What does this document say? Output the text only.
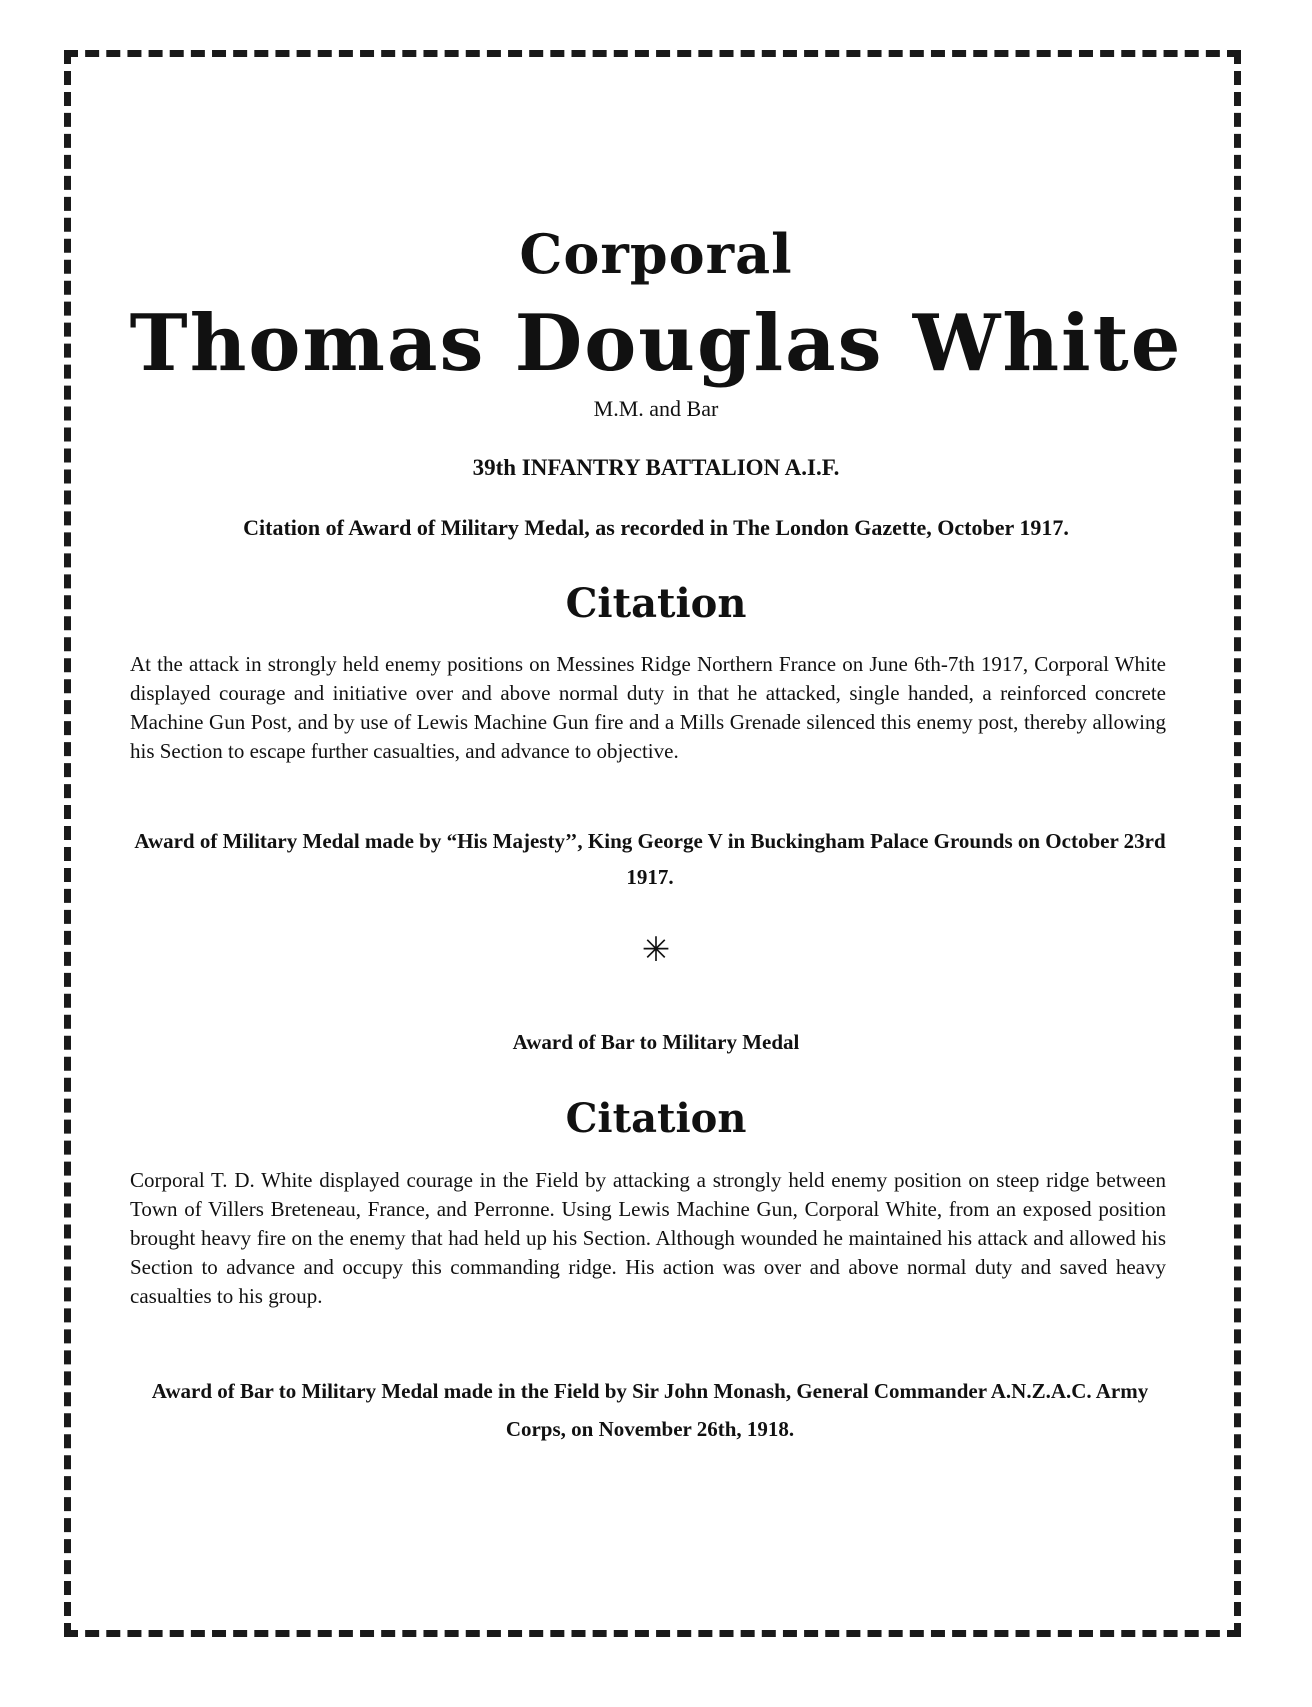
Corporal
Thomas Douglas White
M.M. and Bar
39th INFANTRY BATTALION A.I.F.
Citation of Award of Military Medal, as recorded in The London Gazette, October 1917.
Citation
At the attack in strongly held enemy positions on Messines Ridge Northern France on June 6th-7th 1917, Corporal White displayed courage and initiative over and above normal duty in that he attacked, single handed, a reinforced concrete Machine Gun Post, and by use of Lewis Machine Gun fire and a Mills Grenade silenced this enemy post, thereby allowing his Section to escape further casualties, and advance to objective.
Award of Military Medal made by “His Majesty’’, King George V in Buckingham Palace Grounds on October 23rd 1917.
✳
Award of Bar to Military Medal
Citation
Corporal T. D. White displayed courage in the Field by attacking a strongly held enemy position on steep ridge between Town of Villers Breteneau, France, and Perronne. Using Lewis Machine Gun, Corporal White, from an exposed position brought heavy fire on the enemy that had held up his Section. Although wounded he maintained his attack and allowed his Section to advance and occupy this commanding ridge. His action was over and above normal duty and saved heavy casualties to his group.
Award of Bar to Military Medal made in the Field by Sir John Monash, General Commander A.N.Z.A.C. Army Corps, on November 26th, 1918.
